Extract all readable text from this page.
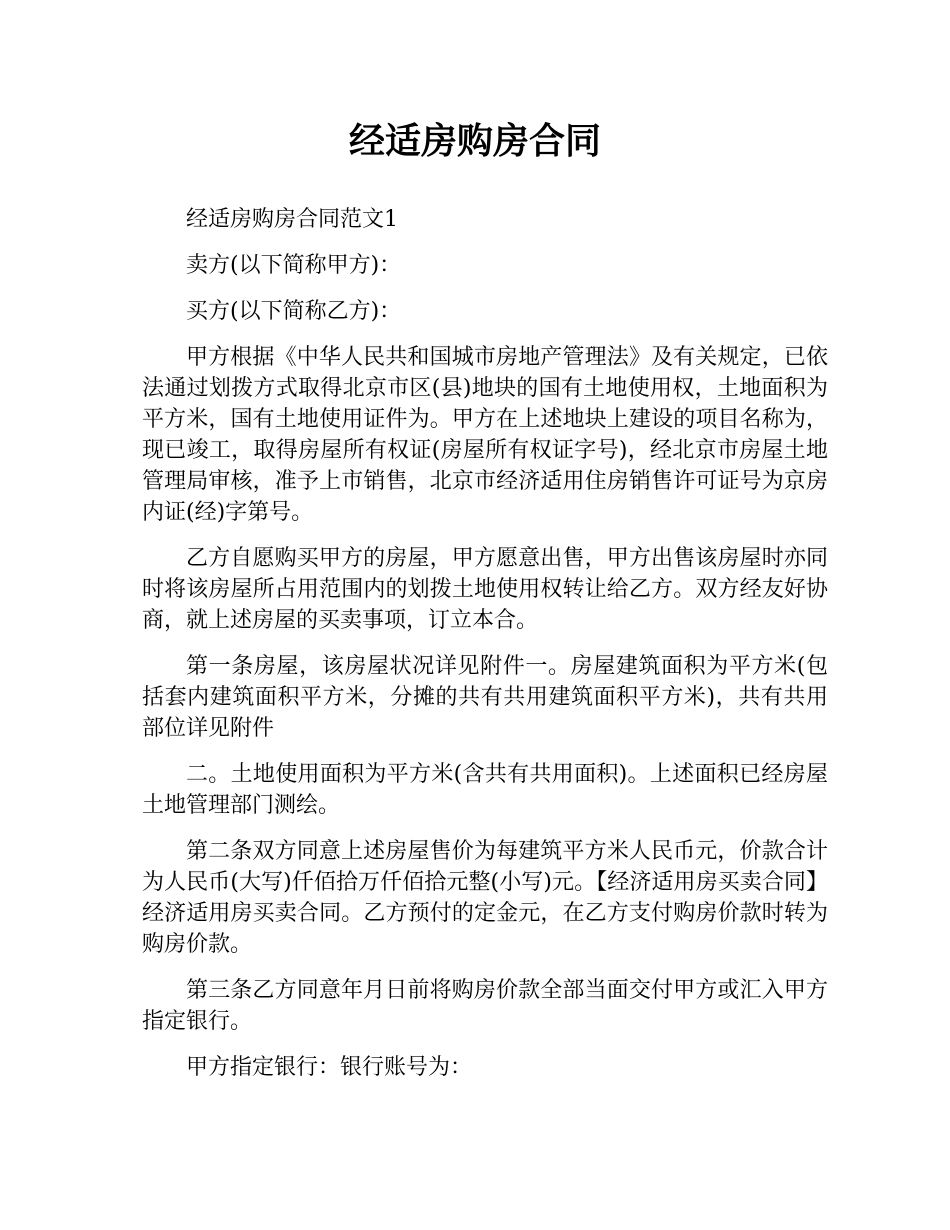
经适房购房合同

经适房购房合同范文1

卖方(以下简称甲方)：

买方(以下简称乙方)：

甲方根据《中华人民共和国城市房地产管理法》及有关规定，已依法通过划拨方式取得北京市区(县)地块的国有土地使用权，土地面积为平方米，国有土地使用证件为。甲方在上述地块上建设的项目名称为，现已竣工，取得房屋所有权证(房屋所有权证字号)，经北京市房屋土地管理局审核，准予上市销售，北京市经济适用住房销售许可证号为京房内证(经)字第号。

乙方自愿购买甲方的房屋，甲方愿意出售，甲方出售该房屋时亦同时将该房屋所占用范围内的划拨土地使用权转让给乙方。双方经友好协商，就上述房屋的买卖事项，订立本合。

第一条房屋，该房屋状况详见附件一。房屋建筑面积为平方米(包括套内建筑面积平方米，分摊的共有共用建筑面积平方米)，共有共用部位详见附件

二。土地使用面积为平方米(含共有共用面积)。上述面积已经房屋土地管理部门测绘。

第二条双方同意上述房屋售价为每建筑平方米人民币元，价款合计为人民币(大写)仟佰拾万仟佰拾元整(小写)元。【经济适用房买卖合同】经济适用房买卖合同。乙方预付的定金元，在乙方支付购房价款时转为购房价款。

第三条乙方同意年月日前将购房价款全部当面交付甲方或汇入甲方指定银行。

甲方指定银行：银行账号为：
